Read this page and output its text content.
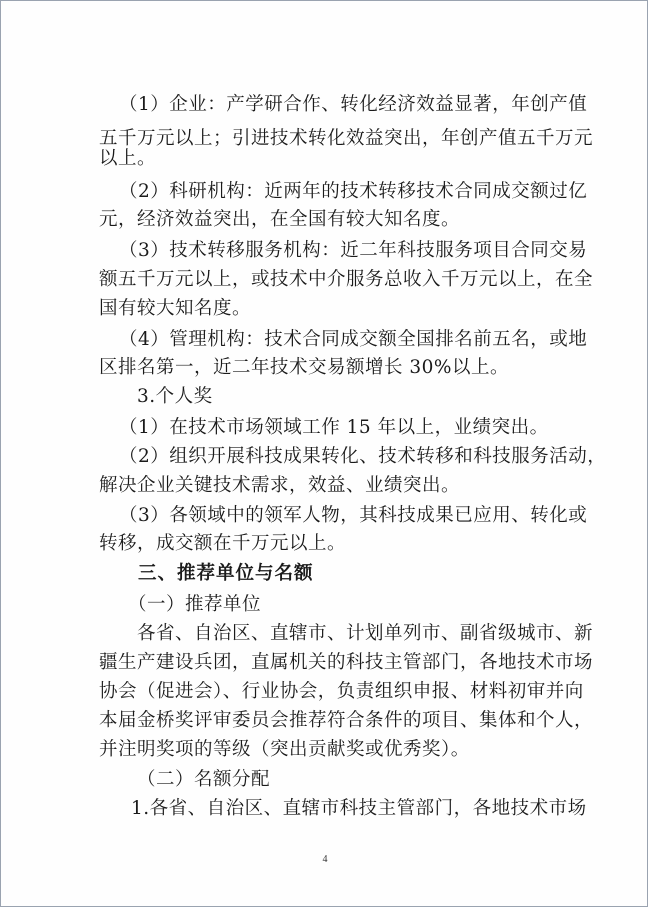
（1）企业：产学研合作、转化经济效益显著，年创产值
五千万元以上；引进技术转化效益突出，年创产值五千万元
以上。
（2）科研机构：近两年的技术转移技术合同成交额过亿
元，经济效益突出，在全国有较大知名度。
（3）技术转移服务机构：近二年科技服务项目合同交易
额五千万元以上，或技术中介服务总收入千万元以上，在全
国有较大知名度。
（4）管理机构：技术合同成交额全国排名前五名，或地
区排名第一，近二年技术交易额增长 30%以上。
3.个人奖
（1）在技术市场领域工作 15 年以上，业绩突出。
（2）组织开展科技成果转化、技术转移和科技服务活动，
解决企业关键技术需求，效益、业绩突出。
（3）各领域中的领军人物，其科技成果已应用、转化或
转移，成交额在千万元以上。
三、推荐单位与名额
（一）推荐单位
各省、自治区、直辖市、计划单列市、副省级城市、新
疆生产建设兵团，直属机关的科技主管部门，各地技术市场
协会（促进会）、行业协会，负责组织申报、材料初审并向
本届金桥奖评审委员会推荐符合条件的项目、集体和个人，
并注明奖项的等级（突出贡献奖或优秀奖）。
（二）名额分配
1.各省、自治区、直辖市科技主管部门，各地技术市场
4
